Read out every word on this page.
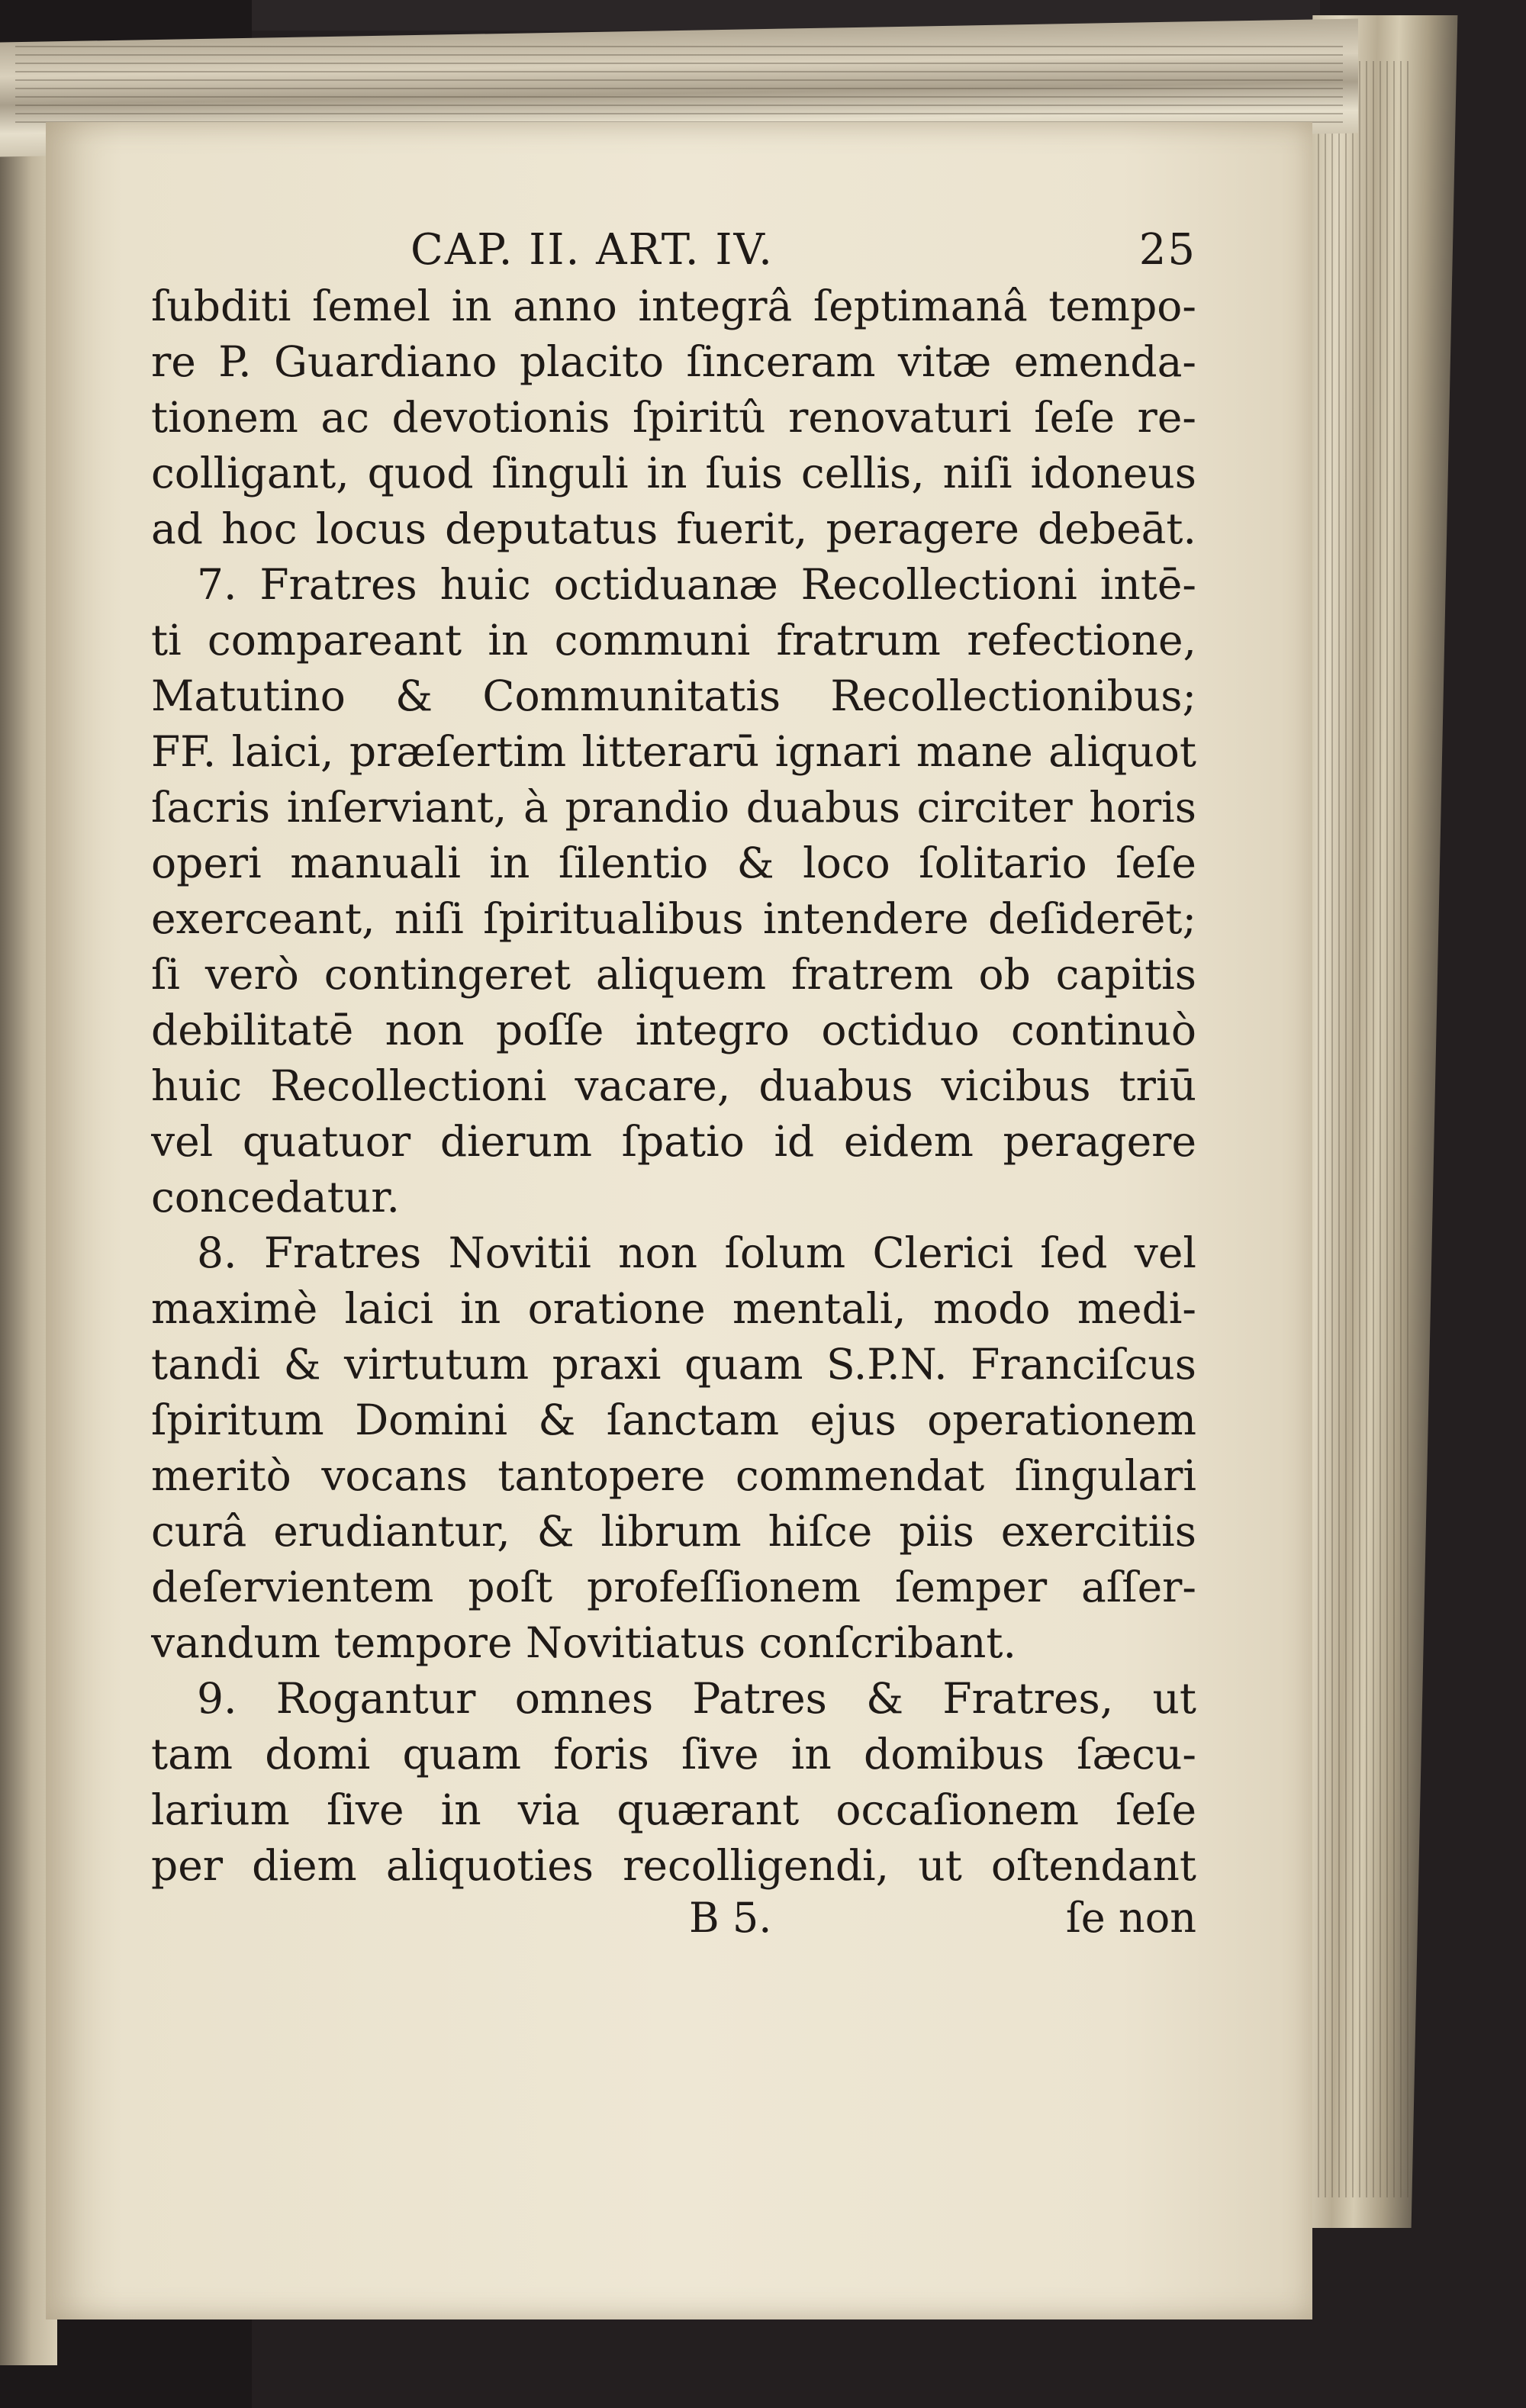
CAP. II. ART. IV.	25
ſubditi ſemel in anno integrâ ſeptimanâ tempo-
re P. Guardiano placito ſinceram vitæ emenda-
tionem ac devotionis ſpiritû renovaturi ſeſe re-
colligant, quod ſinguli in ſuis cellis, niſi idoneus
ad hoc locus deputatus fuerit, peragere debeāt.
7. Fratres huic octiduanæ Recollectioni intē-
ti compareant in communi fratrum refectione,
Matutino & Communitatis Recollectionibus;
FF. laici, præſertim litterarū ignari mane aliquot
ſacris inſerviant, à prandio duabus circiter horis
operi manuali in ſilentio & loco ſolitario ſeſe
exerceant, niſi ſpiritualibus intendere deſiderēt;
ſi verò contingeret aliquem fratrem ob capitis
debilitatē non poſſe integro octiduo continuò
huic Recollectioni vacare, duabus vicibus triū
vel quatuor dierum ſpatio id eidem peragere
concedatur.
8. Fratres Novitii non ſolum Clerici ſed vel
maximè laici in oratione mentali, modo medi-
tandi & virtutum praxi quam S.P.N. Franciſcus
ſpiritum Domini & ſanctam ejus operationem
meritò vocans tantopere commendat ſingulari
curâ erudiantur, & librum hiſce piis exercitiis
deſervientem poſt profeſſionem ſemper aſſer-
vandum tempore Novitiatus conſcribant.
9. Rogantur omnes Patres & Fratres, ut
tam domi quam foris ſive in domibus ſæcu-
larium ſive in via quærant occaſionem ſeſe
per diem aliquoties recolligendi, ut oſtendant
B 5.	ſe non
